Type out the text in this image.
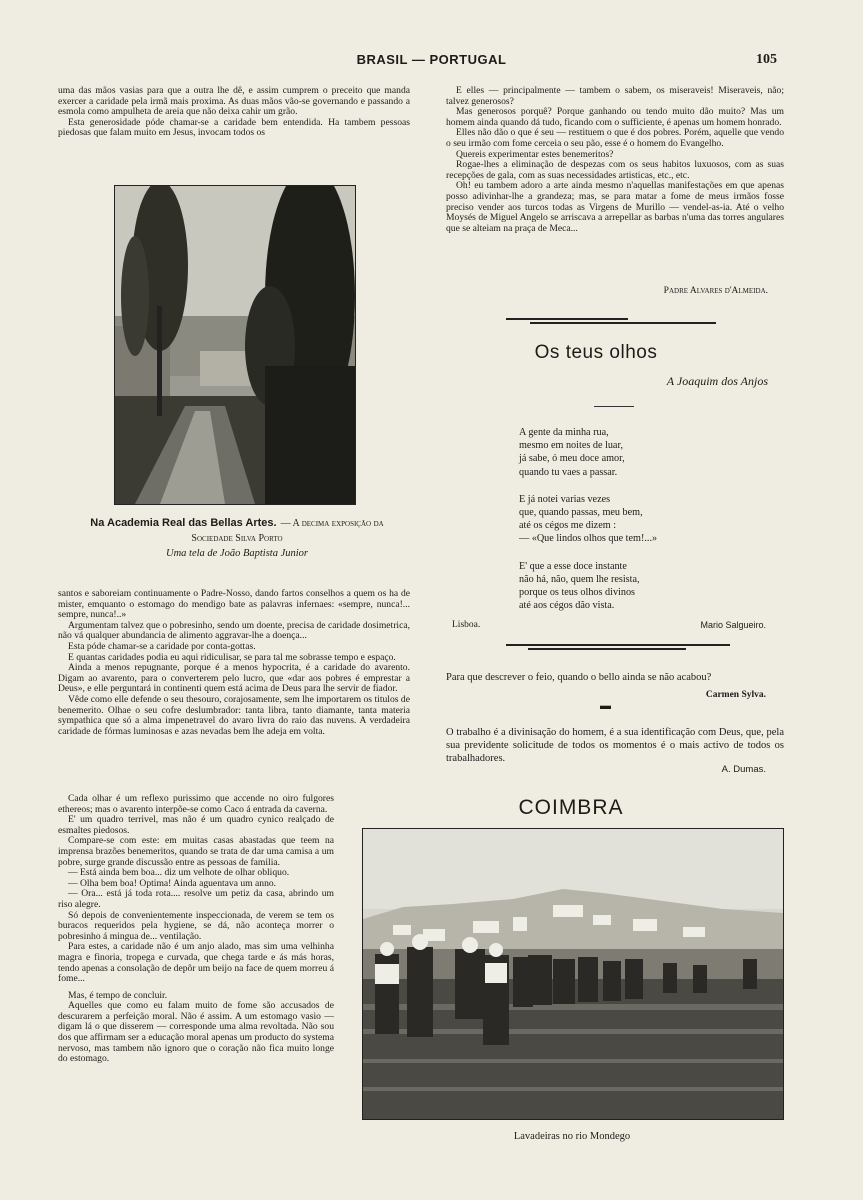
BRASIL — PORTUGAL	105

uma das mãos vasias para que a outra lhe dê, e assim cumprem o preceito que manda exercer a caridade pela irmã mais proxima. As duas mãos vão-se governando e passando a esmola como ampulheta de areia que não deixa cahir um grão.

Esta generosidade póde chamar-se a caridade bem entendida. Ha tambem pessoas piedosas que falam muito em Jesus, invocam todos os

Na Academia Real das Bellas Artes. — A decima exposição da Sociedade Silva Porto
Uma tela de João Baptista Junior

santos e saboreiam continuamente o Padre-Nosso, dando fartos conselhos a quem os ha de mister, emquanto o estomago do mendigo bate as palavras infernaes: «sempre, nunca!... sempre, nunca!..»

Argumentam talvez que o pobresinho, sendo um doente, precisa de caridade dosimetrica, não vá qualquer abundancia de alimento aggravar-lhe a doença...

Esta póde chamar-se a caridade por conta-gottas.

E quantas caridades podia eu aqui ridiculisar, se para tal me sobrasse tempo e espaço.

Ainda a menos repugnante, porque é a menos hypocrita, é a caridade do avarento. Digam ao avarento, para o converterem pelo lucro, que «dar aos pobres é emprestar a Deus», e elle perguntará in continenti quem está acima de Deus para lhe servir de fiador.

Vêde como elle defende o seu thesouro, corajosamente, sem lhe importarem os titulos de benemerito. Olhae o seu cofre deslumbrador: tanta libra, tanto diamante, tanta materia sympathica que só a alma impenetravel do avaro livra do raio das nuvens. A verdadeira caridade de fórmas luminosas e azas nevadas bem lhe adeja em volta.

Cada olhar é um reflexo purissimo que accende no oiro fulgores ethereos; mas o avarento interpõe-se como Caco á entrada da caverna.

E' um quadro terrivel, mas não é um quadro cynico realçado de esmaltes piedosos.

Compare-se com este: em muitas casas abastadas que teem na imprensa brazões benemeritos, quando se trata de dar uma camisa a um pobre, surge grande discussão entre as pessoas de familia.

— Está ainda bem boa... diz um velhote de olhar obliquo.

— Olha bem boa! Optima! Ainda aguentava um anno.

— Ora... está já toda rota.... resolve um petiz da casa, abrindo um riso alegre.

Só depois de convenientemente inspeccionada, de verem se tem os buracos requeridos pela hygiene, se dá, não aconteça morrer o pobresinho á mingua de... ventilação.

Para estes, a caridade não é um anjo alado, mas sim uma velhinha magra e finoria, tropega e curvada, que chega tarde e ás más horas, tendo apenas a consolação de depôr um beijo na face de quem morreu á fome...

Mas, é tempo de concluir.

Aquelles que como eu falam muito de fome são accusados de descurarem a perfeição moral. Não é assim. A um estomago vasio — digam lá o que disserem — corresponde uma alma revoltada. Não sou dos que affirmam ser a educação moral apenas um producto do systema nervoso, mas tambem não ignoro que o coração não fica muito longe do estomago.

E elles — principalmente — tambem o sabem, os miseraveis! Miseraveis, não; talvez generosos?

Mas generosos porquê? Porque ganhando ou tendo muito dão muito? Mas um homem ainda quando dá tudo, ficando com o sufficiente, é apenas um homem honrado.

Elles não dão o que é seu — restituem o que é dos pobres. Porém, aquelle que vendo o seu irmão com fome cerceia o seu pão, esse é o homem do Evangelho.

Quereis experimentar estes benemeritos?

Rogae-lhes a eliminação de despezas com os seus habitos luxuosos, com as suas recepções de gala, com as suas necessidades artisticas, etc., etc.

Oh! eu tambem adoro a arte ainda mesmo n'aquellas manifestações em que apenas posso adivinhar-lhe a grandeza; mas, se para matar a fome de meus irmãos fosse preciso vender aos turcos todas as Virgens de Murillo — vendel-as-ia. Até o velho Moysés de Miguel Angelo se arriscava a arrepellar as barbas n'uma das torres angulares que se alteiam na praça de Meca...

Padre Alvares d'Almeida.
Os teus olhos
A Joaquim dos Anjos
A gente da minha rua,
mesmo em noites de luar,
já sabe, ó meu doce amor,
quando tu vaes a passar.
E já notei varias vezes
que, quando passas, meu bem,
até os cégos me dizem :
— «Que lindos olhos que tem!...»
E' que a esse doce instante
não há, não, quem lhe resista,
porque os teus olhos divinos
até aos cégos dão vista.
Lisboa.	Mario Salgueiro.
Para que descrever o feio, quando o bello ainda se não acabou?
Carmen Sylva.
▬
O trabalho é a divinisação do homem, é a sua identificação com Deus, que, pela sua previdente solicitude de todos os momentos é o mais activo de todos os trabalhadores.
A. Dumas.
COIMBRA
Lavadeiras no rio Mondego
